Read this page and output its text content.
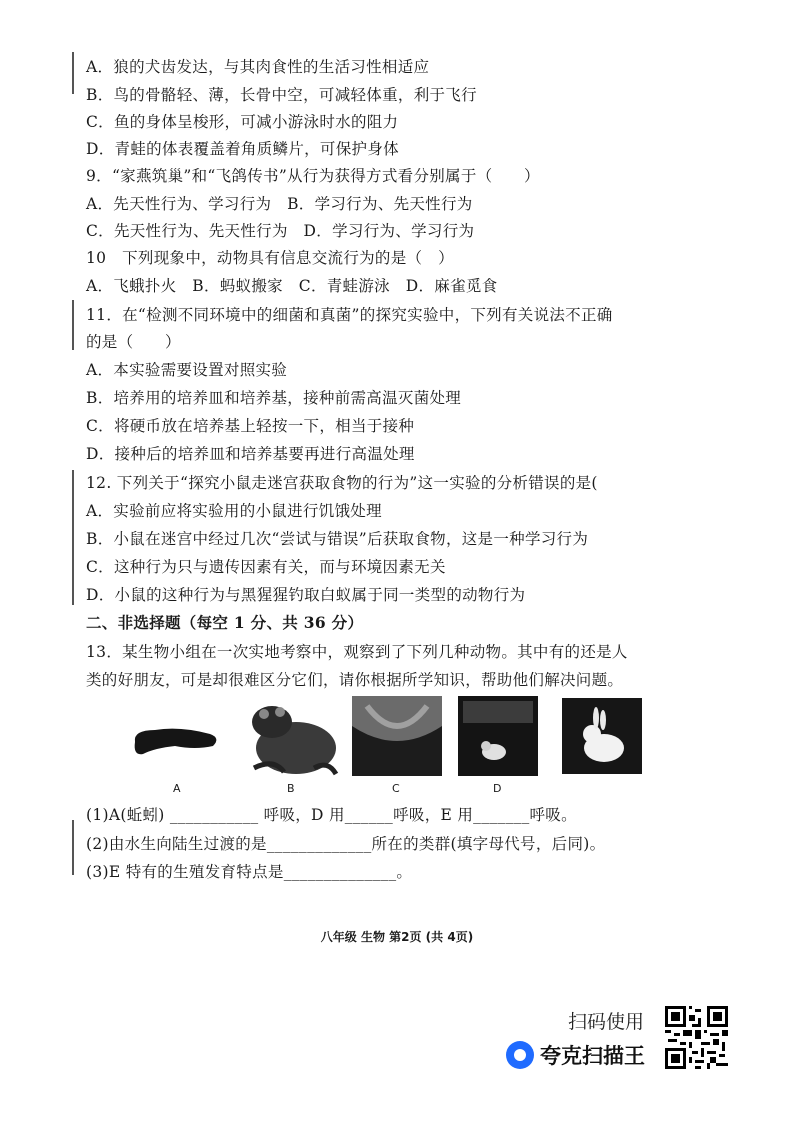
A．狼的犬齿发达，与其肉食性的生活习性相适应
B．鸟的骨骼轻、薄，长骨中空，可减轻体重，利于飞行
C．鱼的身体呈梭形，可减小游泳时水的阻力
D．青蛙的体表覆盖着角质鳞片，可保护身体
9．“家燕筑巢”和“飞鸽传书”从行为获得方式看分别属于（　　）
A．先天性行为、学习行为　B．学习行为、先天性行为
C．先天性行为、先天性行为　D．学习行为、学习行为
10　下列现象中，动物具有信息交流行为的是（　）
A．飞蛾扑火　B．蚂蚁搬家　C．青蛙游泳　D．麻雀觅食
11．在“检测不同环境中的细菌和真菌”的探究实验中，下列有关说法不正确
的是（　　）
A．本实验需要设置对照实验
B．培养用的培养皿和培养基，接种前需高温灭菌处理
C．将硬币放在培养基上轻按一下，相当于接种
D．接种后的培养皿和培养基要再进行高温处理
12. 下列关于“探究小鼠走迷宫获取食物的行为”这一实验的分析错误的是(
A．实验前应将实验用的小鼠进行饥饿处理
B．小鼠在迷宫中经过几次“尝试与错误”后获取食物，这是一种学习行为
C．这种行为只与遗传因素有关，而与环境因素无关
D．小鼠的这种行为与黑猩猩钓取白蚁属于同一类型的动物行为
二、非选择题（每空 1 分、共 36 分）
13．某生物小组在一次实地考察中，观察到了下列几种动物。其中有的还是人
类的好朋友，可是却很难区分它们，请你根据所学知识，帮助他们解决问题。
A	B	C	D
(1)A(蚯蚓) ___________ 呼吸，D 用______呼吸，E 用_______呼吸。
(2)由水生向陆生过渡的是_____________所在的类群(填字母代号，后同)。
(3)E 特有的生殖发育特点是______________。
八年级 生物 第2页 (共 4页)
扫码使用
夸克扫描王
